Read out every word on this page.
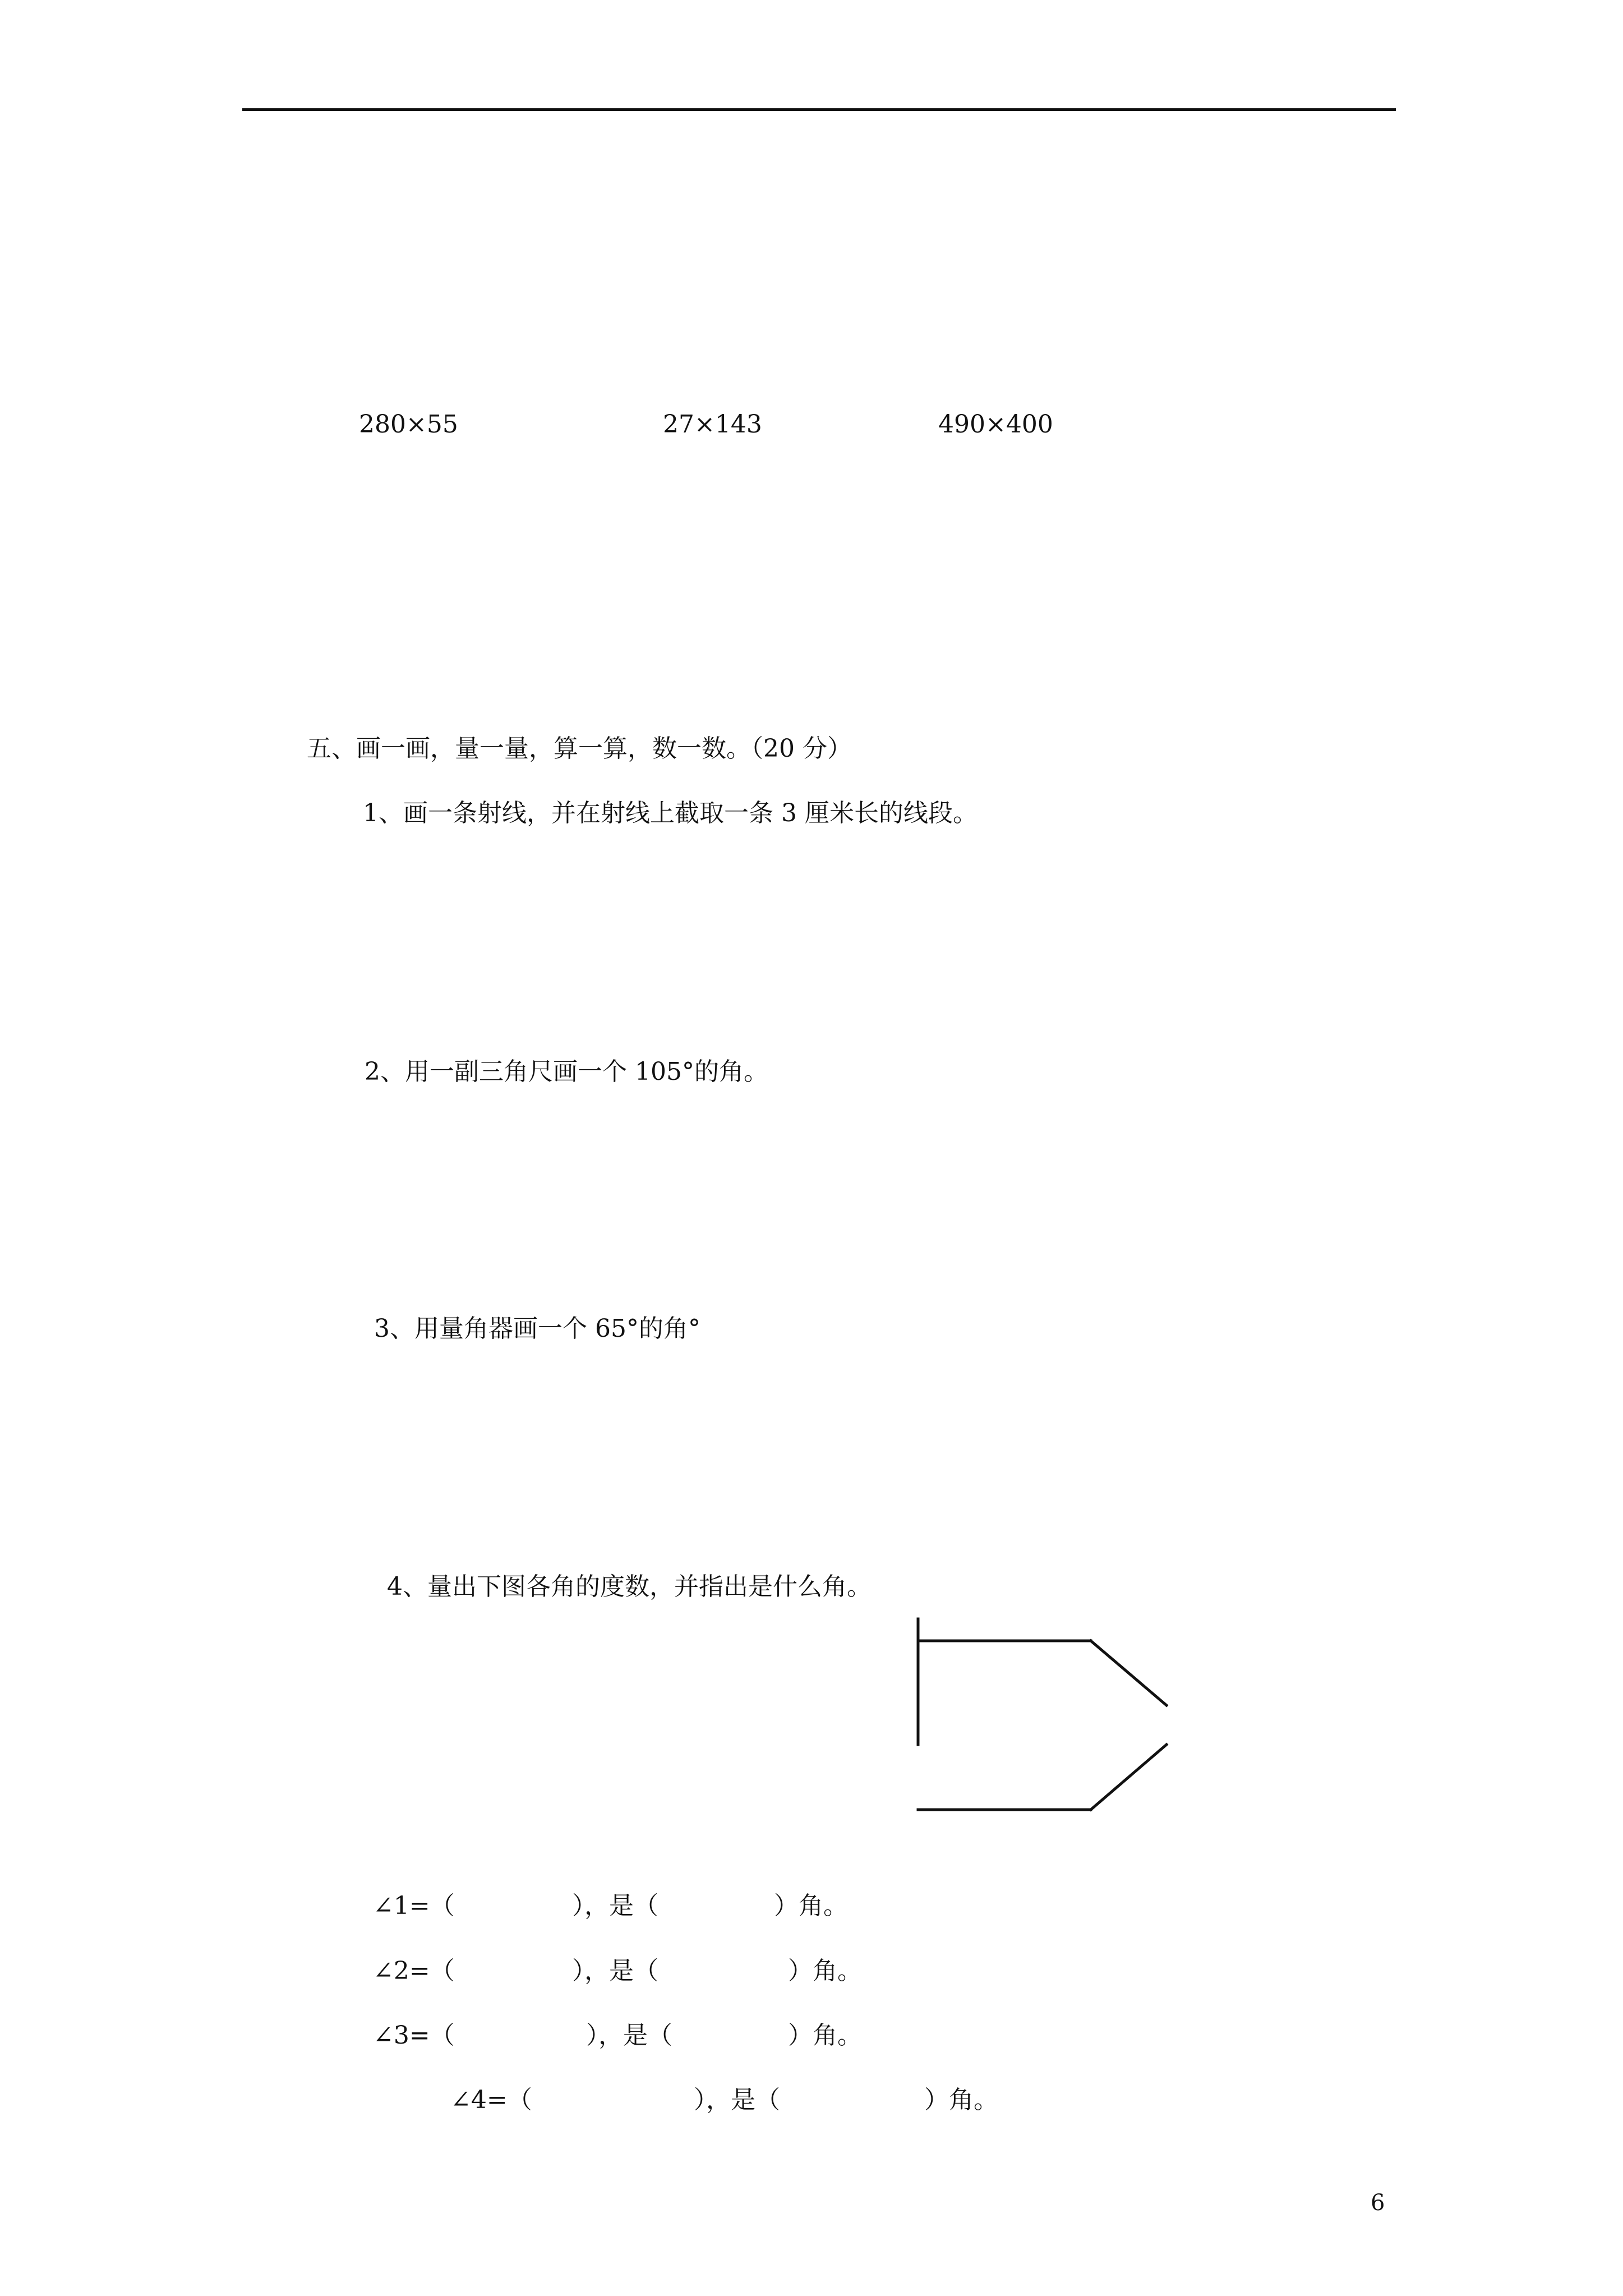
280×55	27×143	490×400
五、画一画，量一量，算一算，数一数。（20 分）
1、画一条射线，并在射线上截取一条 3 厘米长的线段。
2、用一副三角尺画一个 105°的角。
3、用量角器画一个 65°的角°
4、量出下图各角的度数，并指出是什么角。
∠1=（	），是（	）角。
∠2=（	），是（	）角。
∠3=（	），是（	）角。
∠4=（	），是（	）角。
6
